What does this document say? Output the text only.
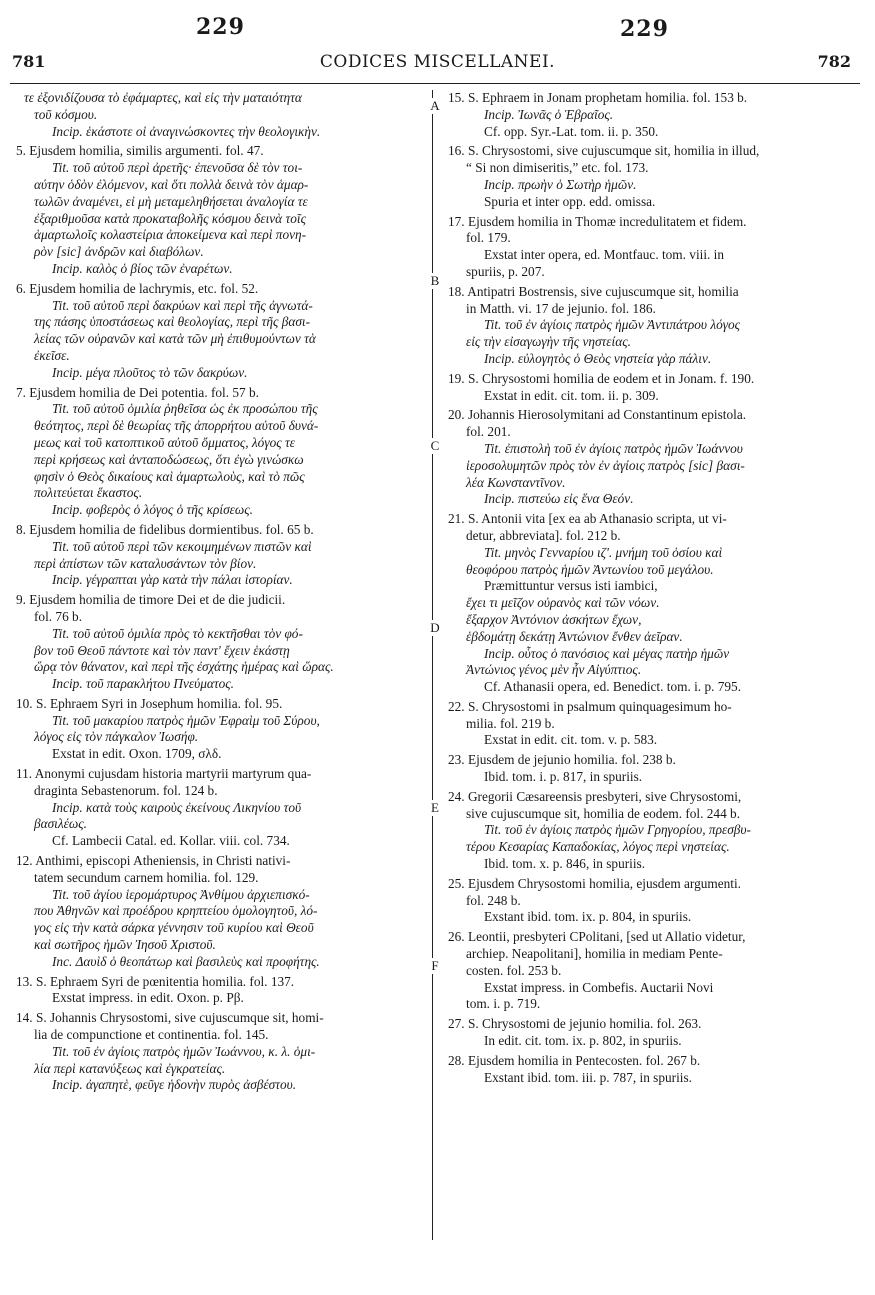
229	229
781	CODICES MISCELLANEI.	782

τε ἐξονιδίζουσα τὸ ἐφάμαρτες, καὶ εἰς τὴν ματαιότητα

τοῦ κόσμου.

Incip. ἑκάστοτε οἱ ἀναγινώσκοντες τὴν θεολογικὴν.

5. Ejusdem homilia, similis argumenti. fol. 47.

Tit. τοῦ αὐτοῦ περὶ ἀρετῆς· ἐπενοῦσα δὲ τὸν τοι-

αύτην ὁδὸν ἐλόμενον, καὶ ὅτι πολλὰ δεινὰ τὸν ἁμαρ-

τωλῶν ἀναμένει, εἰ μὴ μεταμεληθήσεται ἀναλογία τε

ἐξαριθμοῦσα κατὰ προκαταβολῆς κόσμου δεινὰ τοῖς

ἁμαρτωλοῖς κολαστείρια ἀποκείμενα καὶ περὶ πονη-

ρὸν [sic] ἀνδρῶν καὶ διαβόλων.

Incip. καλὸς ὁ βίος τῶν ἐναρέτων.

6. Ejusdem homilia de lachrymis, etc. fol. 52.

Tit. τοῦ αὐτοῦ περὶ δακρύων καὶ περὶ τῆς ἀγνωτά-

της πάσης ὑποστάσεως καὶ θεολογίας, περὶ τῆς βασι-

λείας τῶν οὐρανῶν καὶ κατὰ τῶν μὴ ἐπιθυμούντων τὰ

ἐκεῖσε.

Incip. μέγα πλοῦτος τὸ τῶν δακρύων.

7. Ejusdem homilia de Dei potentia. fol. 57 b.

Tit. τοῦ αὐτοῦ ὁμιλία ῥηθεῖσα ὡς ἐκ προσώπου τῆς

θεότητος, περὶ δὲ θεωρίας τῆς ἀπορρήτου αὐτοῦ δυνά-

μεως καὶ τοῦ κατοπτικοῦ αὐτοῦ ὄμματος, λόγος τε

περὶ κρήσεως καὶ ἀνταποδώσεως, ὅτι ἐγὼ γινώσκω

φησὶν ὁ Θεὸς δικαίους καὶ ἁμαρτωλοὺς, καὶ τὸ πῶς

πολιτεύεται ἕκαστος.

Incip. φοβερὸς ὁ λόγος ὁ τῆς κρίσεως.

8. Ejusdem homilia de fidelibus dormientibus. fol. 65 b.

Tit. τοῦ αὐτοῦ περὶ τῶν κεκοιμημένων πιστῶν καὶ

περὶ ἀπίστων τῶν καταλυσάντων τὸν βίον.

Incip. γέγραπται γὰρ κατὰ τὴν πάλαι ἱστορίαν.

9. Ejusdem homilia de timore Dei et de die judicii.

fol. 76 b.

Tit. τοῦ αὐτοῦ ὁμιλία πρὸς τὸ κεκτῆσθαι τὸν φό-

βον τοῦ Θεοῦ πάντοτε καὶ τὸν παντ' ἔχειν ἑκάστῃ

ὥρᾳ τὸν θάνατον, καὶ περὶ τῆς ἐσχάτης ἡμέρας καὶ ὥρας.

Incip. τοῦ παρακλήτου Πνεύματος.

10. S. Ephraem Syri in Josephum homilia. fol. 95.

Tit. τοῦ μακαρίου πατρὸς ἡμῶν Ἐφραὶμ τοῦ Σύρου,

λόγος εἰς τὸν πάγκαλον Ἰωσήφ.

Exstat in edit. Oxon. 1709, σλδ.

11. Anonymi cujusdam historia martyrii martyrum qua-

draginta Sebastenorum. fol. 124 b.

Incip. κατὰ τοὺς καιροὺς ἐκείνους Λικηνίου τοῦ

βασιλέως.

Cf. Lambecii Catal. ed. Kollar. viii. col. 734.

12. Anthimi, episcopi Atheniensis, in Christi nativi-

tatem secundum carnem homilia. fol. 129.

Tit. τοῦ ἁγίου ἱερομάρτυρος Ἀνθίμου ἀρχιεπισκό-

που Ἀθηνῶν καὶ προέδρου κρηπτείου ὁμολογητοῦ, λό-

γος εἰς τὴν κατὰ σάρκα γέννησιν τοῦ κυρίου καὶ Θεοῦ

καὶ σωτῆρος ἡμῶν Ἰησοῦ Χριστοῦ.

Inc. Δαυὶδ ὁ θεοπάτωρ καὶ βασιλεὺς καὶ προφήτης.

13. S. Ephraem Syri de pœnitentia homilia. fol. 137.

Exstat impress. in edit. Oxon. p. Ρβ.

14. S. Johannis Chrysostomi, sive cujuscumque sit, homi-

lia de compunctione et continentia. fol. 145.

Tit. τοῦ ἐν ἁγίοις πατρὸς ἡμῶν Ἰωάννου, κ. λ. ὁμι-

λία περὶ κατανύξεως καὶ ἐγκρατείας.

Incip. ἀγαπητὲ, φεῦγε ἡδονὴν πυρὸς ἀσβέστου.

A
B
C
D
E
F

15. S. Ephraem in Jonam prophetam homilia. fol. 153 b.

Incip. Ἰωνᾶς ὁ Ἑβραῖος.

Cf. opp. Syr.-Lat. tom. ii. p. 350.

16. S. Chrysostomi, sive cujuscumque sit, homilia in illud,

“ Si non dimiseritis,” etc. fol. 173.

Incip. πρωὴν ὁ Σωτὴρ ἡμῶν.

Spuria et inter opp. edd. omissa.

17. Ejusdem homilia in Thomæ incredulitatem et fidem.

fol. 179.

Exstat inter opera, ed. Montfauc. tom. viii. in

spuriis, p. 207.

18. Antipatri Bostrensis, sive cujuscumque sit, homilia

in Matth. vi. 17 de jejunio. fol. 186.

Tit. τοῦ ἐν ἁγίοις πατρὸς ἡμῶν Ἀντιπάτρου λόγος

εἰς τὴν εἰσαγωγὴν τῆς νηστείας.

Incip. εὐλογητὸς ὁ Θεὸς νηστεία γὰρ πάλιν.

19. S. Chrysostomi homilia de eodem et in Jonam. f. 190.

Exstat in edit. cit. tom. ii. p. 309.

20. Johannis Hierosolymitani ad Constantinum epistola.

fol. 201.

Tit. ἐπιστολὴ τοῦ ἐν ἁγίοις πατρὸς ἡμῶν Ἰωάννου

ἱεροσολυμητῶν πρὸς τὸν ἐν ἁγίοις πατρὸς [sic] βασι-

λέα Κωνσταντῖνον.

Incip. πιστεύω εἰς ἕνα Θεόν.

21. S. Antonii vita [ex ea ab Athanasio scripta, ut vi-

detur, abbreviata]. fol. 212 b.

Tit. μηνὸς Γενναρίου ιζ'. μνήμη τοῦ ὁσίου καὶ

θεοφόρου πατρὸς ἡμῶν Ἀντωνίου τοῦ μεγάλου.

Præmittuntur versus isti iambici,

ἔχει τι μεῖζον οὐρανὸς καὶ τῶν νόων.

ἔξαρχον Ἀντόνιον ἀσκήτων ἔχων,

ἑβδομάτῃ δεκάτῃ Ἀντώνιον ἔνθεν ἀεῖραν.

Incip. οὗτος ὁ πανόσιος καὶ μέγας πατὴρ ἡμῶν

Ἀντώνιος γένος μὲν ἦν Αἰγύπτιος.

Cf. Athanasii opera, ed. Benedict. tom. i. p. 795.

22. S. Chrysostomi in psalmum quinquagesimum ho-

milia. fol. 219 b.

Exstat in edit. cit. tom. v. p. 583.

23. Ejusdem de jejunio homilia. fol. 238 b.

Ibid. tom. i. p. 817, in spuriis.

24. Gregorii Cæsareensis presbyteri, sive Chrysostomi,

sive cujuscumque sit, homilia de eodem. fol. 244 b.

Tit. τοῦ ἐν ἁγίοις πατρὸς ἡμῶν Γρηγορίου, πρεσβυ-

τέρου Κεσαρίας Καπαδοκίας, λόγος περὶ νηστείας.

Ibid. tom. x. p. 846, in spuriis.

25. Ejusdem Chrysostomi homilia, ejusdem argumenti.

fol. 248 b.

Exstant ibid. tom. ix. p. 804, in spuriis.

26. Leontii, presbyteri CPolitani, [sed ut Allatio videtur,

archiep. Neapolitani], homilia in mediam Pente-

costen. fol. 253 b.

Exstat impress. in Combefis. Auctarii Novi

tom. i. p. 719.

27. S. Chrysostomi de jejunio homilia. fol. 263.

In edit. cit. tom. ix. p. 802, in spuriis.

28. Ejusdem homilia in Pentecosten. fol. 267 b.

Exstant ibid. tom. iii. p. 787, in spuriis.
